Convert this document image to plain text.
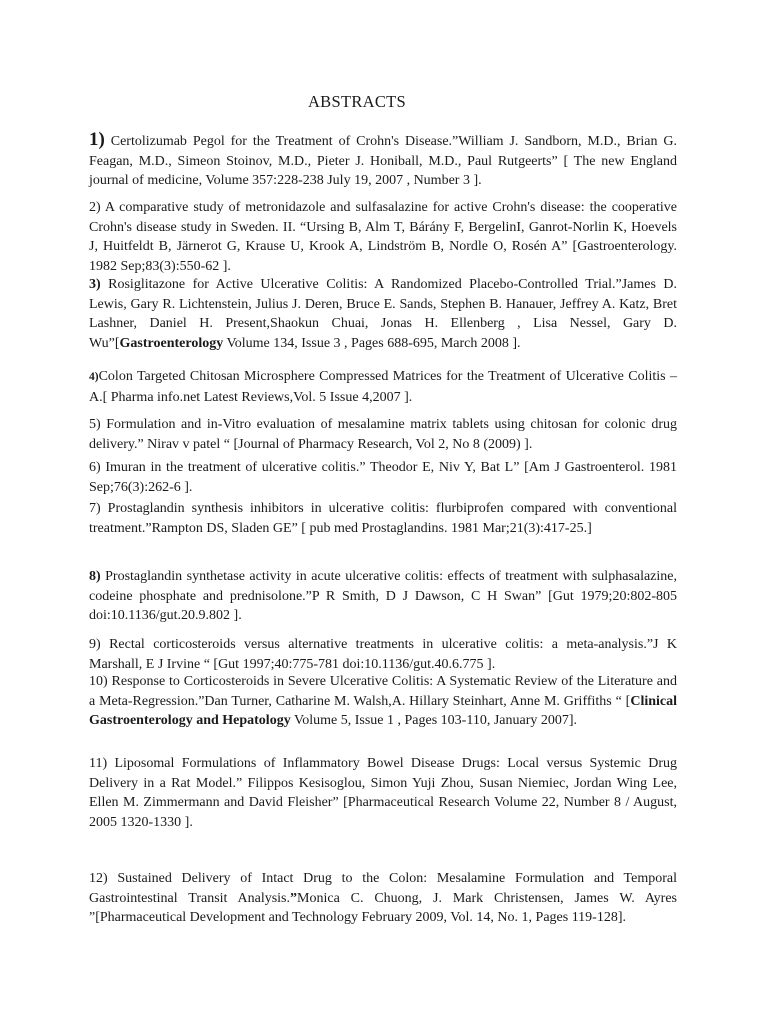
ABSTRACTS

1) Certolizumab Pegol for the Treatment of Crohn's Disease.”William J. Sandborn, M.D., Brian G. Feagan, M.D., Simeon Stoinov, M.D., Pieter J. Honiball, M.D., Paul Rutgeerts” [ The new England journal of medicine, Volume 357:228-238 July 19, 2007 , Number 3 ].

2) A comparative study of metronidazole and sulfasalazine for active Crohn's disease: the cooperative Crohn's disease study in Sweden. II. “Ursing B, Alm T, Bárány F, BergelinI, Ganrot-Norlin K, Hoevels J, Huitfeldt B, Järnerot G, Krause U, Krook A, Lindström B, Nordle O, Rosén A” [Gastroenterology. 1982 Sep;83(3):550-62 ].

3) Rosiglitazone for Active Ulcerative Colitis: A Randomized Placebo-Controlled Trial.”James D. Lewis, Gary R. Lichtenstein, Julius J. Deren, Bruce E. Sands, Stephen B. Hanauer, Jeffrey A. Katz, Bret Lashner, Daniel H. Present,Shaokun Chuai, Jonas H. Ellenberg , Lisa Nessel, Gary D. Wu”[Gastroenterology Volume 134, Issue 3 , Pages 688-695, March 2008 ].

4)Colon Targeted Chitosan Microsphere Compressed Matrices for the Treatment of Ulcerative Colitis – A.[ Pharma info.net Latest Reviews,Vol. 5 Issue 4,2007 ].

5) Formulation and in-Vitro evaluation of mesalamine matrix tablets using chitosan for colonic drug delivery.” Nirav v patel “ [Journal of Pharmacy Research, Vol 2, No 8 (2009) ].

6) Imuran in the treatment of ulcerative colitis.” Theodor E, Niv Y, Bat L” [Am J Gastroenterol. 1981 Sep;76(3):262-6 ].

7) Prostaglandin synthesis inhibitors in ulcerative colitis: flurbiprofen compared with conventional treatment.”Rampton DS, Sladen GE” [ pub med Prostaglandins. 1981 Mar;21(3):417-25.]

8) Prostaglandin synthetase activity in acute ulcerative colitis: effects of treatment with sulphasalazine, codeine phosphate and prednisolone.”P R Smith, D J Dawson, C H Swan” [Gut 1979;20:802-805 doi:10.1136/gut.20.9.802 ].

9) Rectal corticosteroids versus alternative treatments in ulcerative colitis: a meta-analysis.”J K Marshall, E J Irvine “ [Gut 1997;40:775-781 doi:10.1136/gut.40.6.775 ].

10) Response to Corticosteroids in Severe Ulcerative Colitis: A Systematic Review of the Literature and a Meta-Regression.”Dan Turner, Catharine M. Walsh,A. Hillary Steinhart, Anne M. Griffiths “ [Clinical Gastroenterology and Hepatology Volume 5, Issue 1 , Pages 103-110, January 2007].

11) Liposomal Formulations of Inflammatory Bowel Disease Drugs: Local versus Systemic Drug Delivery in a Rat Model.” Filippos Kesisoglou, Simon Yuji Zhou, Susan Niemiec, Jordan Wing Lee, Ellen M. Zimmermann and David Fleisher” [Pharmaceutical Research Volume 22, Number 8 / August, 2005 1320-1330 ].

12) Sustained Delivery of Intact Drug to the Colon: Mesalamine Formulation and Temporal Gastrointestinal Transit Analysis.”Monica C. Chuong, J. Mark Christensen, James W. Ayres ”[Pharmaceutical Development and Technology February 2009, Vol. 14, No. 1, Pages 119-128].
